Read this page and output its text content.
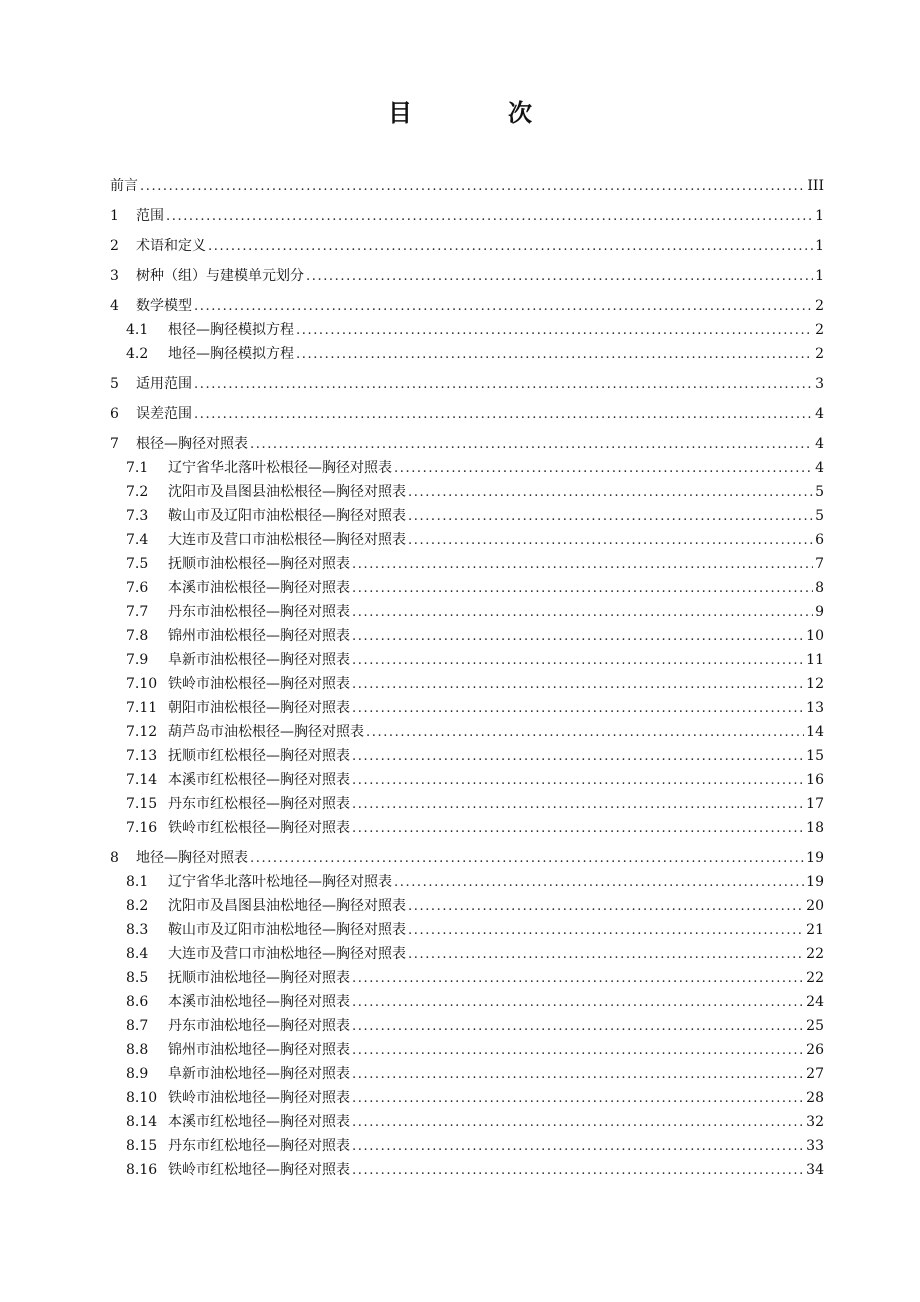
目　次
前言 .....	III
1	范围 .....	1
2	术语和定义 .....	1
3	树种（组）与建模单元划分 .....	1
4	数学模型 .....	2
4.1	根径—胸径模拟方程 .....	2
4.2	地径—胸径模拟方程 .....	2
5	适用范围 .....	3
6	误差范围 .....	4
7	根径—胸径对照表 .....	4
7.1	辽宁省华北落叶松根径—胸径对照表 .....	4
7.2	沈阳市及昌图县油松根径—胸径对照表 .....	5
7.3	鞍山市及辽阳市油松根径—胸径对照表 .....	5
7.4	大连市及营口市油松根径—胸径对照表 .....	6
7.5	抚顺市油松根径—胸径对照表 .....	7
7.6	本溪市油松根径—胸径对照表 .....	8
7.7	丹东市油松根径—胸径对照表 .....	9
7.8	锦州市油松根径—胸径对照表 .....	10
7.9	阜新市油松根径—胸径对照表 .....	11
7.10 铁岭市油松根径—胸径对照表 .....	12
7.11 朝阳市油松根径—胸径对照表 .....	13
7.12 葫芦岛市油松根径—胸径对照表 .....	14
7.13 抚顺市红松根径—胸径对照表 .....	15
7.14 本溪市红松根径—胸径对照表 .....	16
7.15 丹东市红松根径—胸径对照表 .....	17
7.16 铁岭市红松根径—胸径对照表 .....	18
8	地径—胸径对照表 .....	19
8.1	辽宁省华北落叶松地径—胸径对照表 .....	19
8.2	沈阳市及昌图县油松地径—胸径对照表 .....	20
8.3	鞍山市及辽阳市油松地径—胸径对照表 .....	21
8.4	大连市及营口市油松地径—胸径对照表 .....	22
8.5	抚顺市油松地径—胸径对照表 .....	22
8.6	本溪市油松地径—胸径对照表 .....	24
8.7	丹东市油松地径—胸径对照表 .....	25
8.8	锦州市油松地径—胸径对照表 .....	26
8.9	阜新市油松地径—胸径对照表 .....	27
8.10 铁岭市油松地径—胸径对照表 .....	28
8.14 本溪市红松地径—胸径对照表 .....	32
8.15 丹东市红松地径—胸径对照表 .....	33
8.16 铁岭市红松地径—胸径对照表 .....	34
